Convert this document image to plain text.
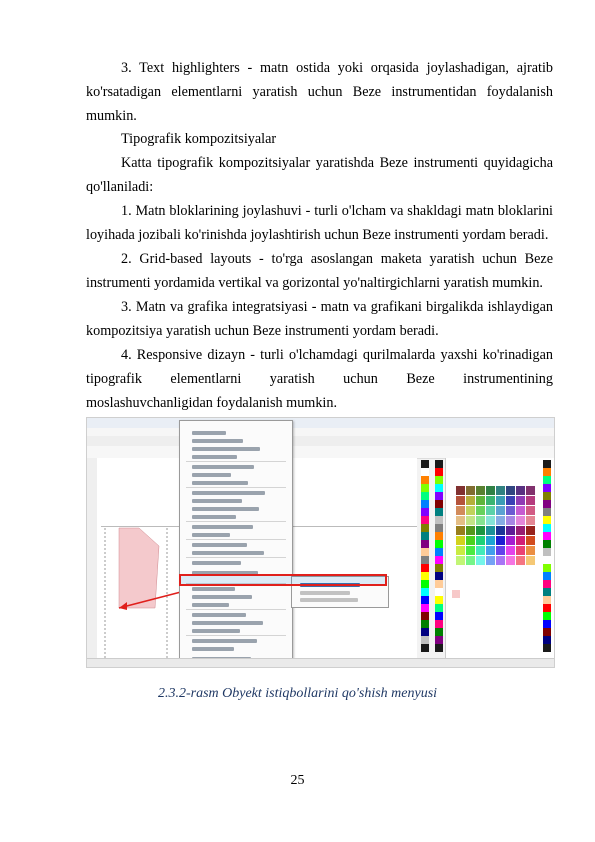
3. Text highlighters - matn ostida yoki orqasida joylashadigan, ajratib ko'rsatadigan elementlarni yaratish uchun Beze instrumentidan foydalanish mumkin.

Tipografik kompozitsiyalar

Katta tipografik kompozitsiyalar yaratishda Beze instrumenti quyidagicha qo'llaniladi:

1. Matn bloklarining joylashuvi - turli o'lcham va shakldagi matn bloklarini loyihada jozibali ko'rinishda joylashtirish uchun Beze instrumenti yordam beradi.

2. Grid-based layouts - to'rga asoslangan maketa yaratish uchun Beze instrumenti yordamida vertikal va gorizontal yo'naltirgichlarni yaratish mumkin.

3. Matn va grafika integratsiyasi - matn va grafikani birgalikda ishlaydigan kompozitsiya yaratish uchun Beze instrumenti yordam beradi.

4. Responsive dizayn - turli o'lchamdagi qurilmalarda yaxshi ko'rinadigan tipografik elementlarni yaratish uchun Beze instrumentining moslashuvchanligidan foydalanish mumkin.

2.3.2-rasm Obyekt istiqbollarini qo'shish menyusi
25
